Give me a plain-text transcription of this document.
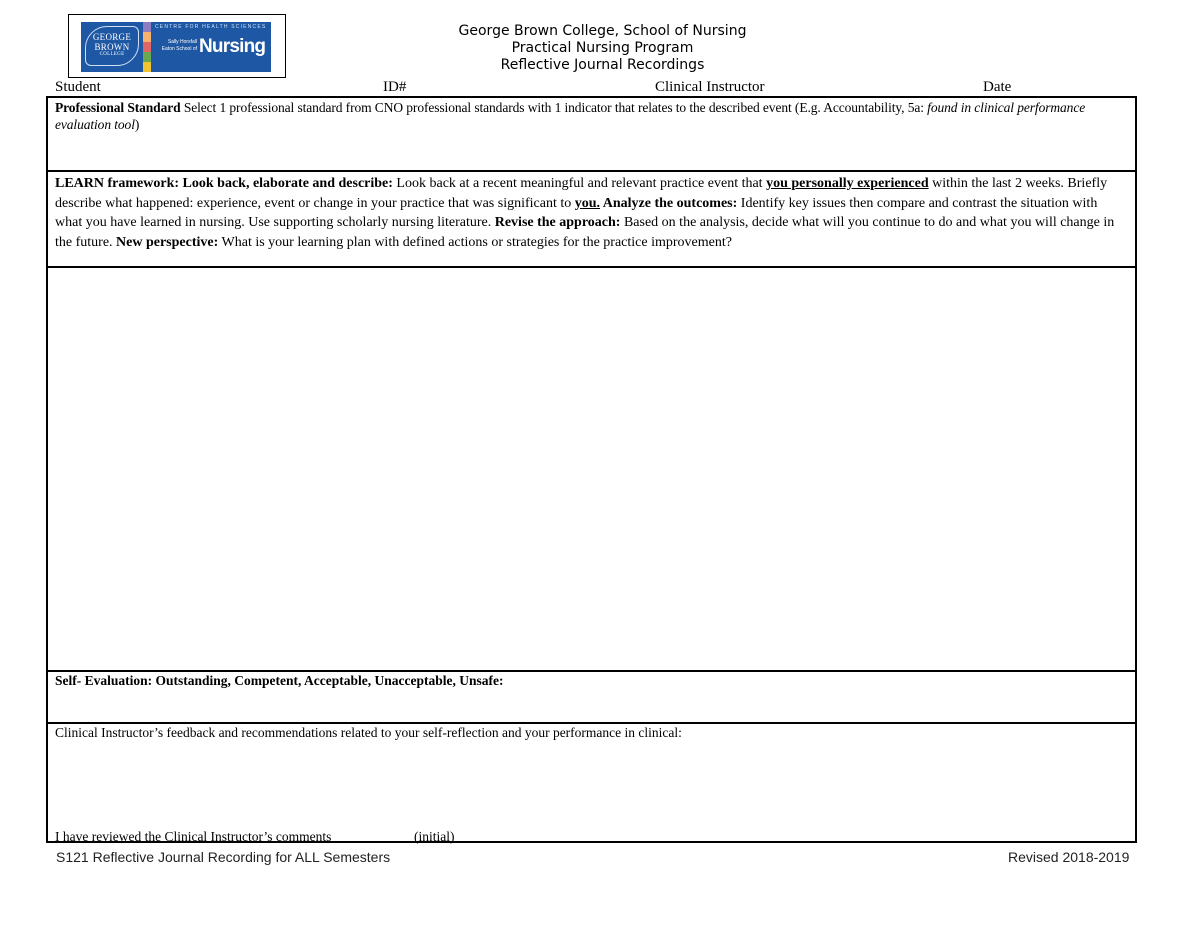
GEORGE BROWN
COLLEGE
CENTRE FOR HEALTH SCIENCES
Sally Horsfall Eaton School of Nursing
George Brown College, School of Nursing
Practical Nursing Program
Reflective Journal Recordings
Student	ID#	Clinical Instructor	Date
Professional Standard Select 1 professional standard from CNO professional standards with 1 indicator that relates to the described event (E.g. Accountability, 5a: found in clinical performance evaluation tool)
LEARN framework: Look back, elaborate and describe: Look back at a recent meaningful and relevant practice event that you personally experienced within the last 2 weeks. Briefly describe what happened: experience, event or change in your practice that was significant to you. Analyze the outcomes: Identify key issues then compare and contrast the situation with what you have learned in nursing. Use supporting scholarly nursing literature. Revise the approach: Based on the analysis, decide what will you continue to do and what you will change in the future. New perspective: What is your learning plan with defined actions or strategies for the practice improvement?
Self- Evaluation: Outstanding, Competent, Acceptable, Unacceptable, Unsafe:
Clinical Instructor’s feedback and recommendations related to your self-reflection and your performance in clinical:
I have reviewed the Clinical Instructor’s comments	(initial)
S121 Reflective Journal Recording for ALL Semesters	Revised 2018-2019
